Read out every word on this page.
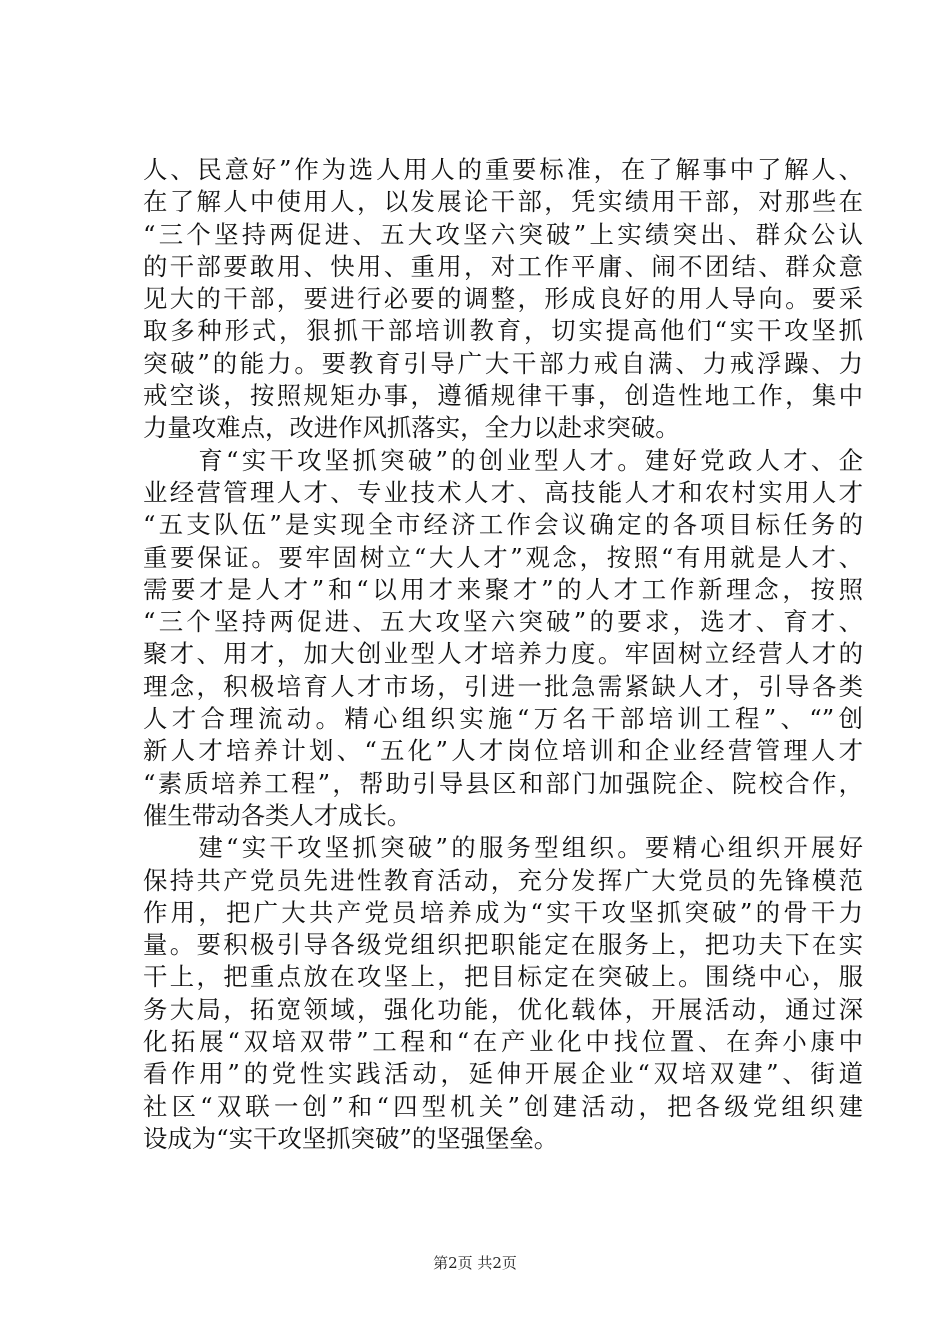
人、民意好”作为选人用人的重要标准，在了解事中了解人、
在了解人中使用人，以发展论干部，凭实绩用干部，对那些在
“三个坚持两促进、五大攻坚六突破”上实绩突出、群众公认
的干部要敢用、快用、重用，对工作平庸、闹不团结、群众意
见大的干部，要进行必要的调整，形成良好的用人导向。要采
取多种形式，狠抓干部培训教育，切实提高他们“实干攻坚抓
突破”的能力。要教育引导广大干部力戒自满、力戒浮躁、力
戒空谈，按照规矩办事，遵循规律干事，创造性地工作，集中
力量攻难点，改进作风抓落实，全力以赴求突破。
　　育“实干攻坚抓突破”的创业型人才。建好党政人才、企
业经营管理人才、专业技术人才、高技能人才和农村实用人才
“五支队伍”是实现全市经济工作会议确定的各项目标任务的
重要保证。要牢固树立“大人才”观念，按照“有用就是人才、
需要才是人才”和“以用才来聚才”的人才工作新理念，按照
“三个坚持两促进、五大攻坚六突破”的要求，选才、育才、
聚才、用才，加大创业型人才培养力度。牢固树立经营人才的
理念，积极培育人才市场，引进一批急需紧缺人才，引导各类
人才合理流动。精心组织实施“万名干部培训工程”、“”创
新人才培养计划、“五化”人才岗位培训和企业经营管理人才
“素质培养工程”，帮助引导县区和部门加强院企、院校合作，
催生带动各类人才成长。
　　建“实干攻坚抓突破”的服务型组织。要精心组织开展好
保持共产党员先进性教育活动，充分发挥广大党员的先锋模范
作用，把广大共产党员培养成为“实干攻坚抓突破”的骨干力
量。要积极引导各级党组织把职能定在服务上，把功夫下在实
干上，把重点放在攻坚上，把目标定在突破上。围绕中心，服
务大局，拓宽领域，强化功能，优化载体，开展活动，通过深
化拓展“双培双带”工程和“在产业化中找位置、在奔小康中
看作用”的党性实践活动，延伸开展企业“双培双建”、街道
社区“双联一创”和“四型机关”创建活动，把各级党组织建
设成为“实干攻坚抓突破”的坚强堡垒。
第2页 共2页
